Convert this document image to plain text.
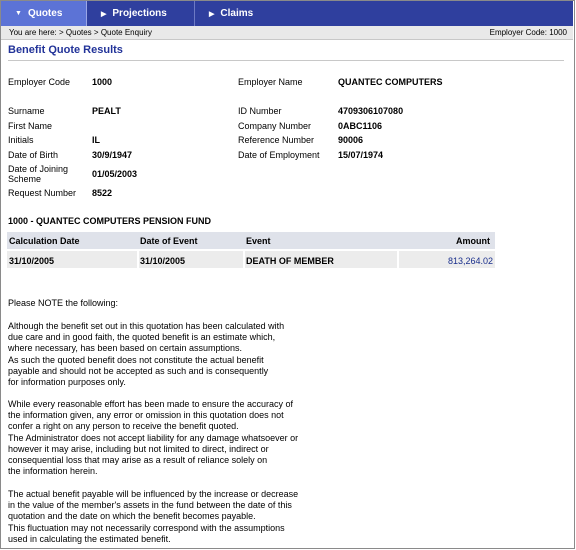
▼ Quotes	▶ Projections	▶ Claims
You are here: > Quotes > Quote Enquiry	Employer Code: 1000
Benefit Quote Results
Employer Code 1000
Surname	PEALT
First Name
Initials	IL
Date of Birth	30/9/1947
Date of Joining
Scheme	01/05/2003
Request Number 8522
Employer Name	QUANTEC COMPUTERS
ID Number	4709306107080
Company Number	0ABC1106
Reference Number	90006
Date of Employment 15/07/1974
1000 - QUANTEC COMPUTERS PENSION FUND
Calculation Date	Date of Event	Event	Amount
31/10/2005	31/10/2005	DEATH OF MEMBER	813,264.02
Please NOTE the following:
Although the benefit set out in this quotation has been calculated with
due care and in good faith, the quoted benefit is an estimate which,
where necessary, has been based on certain assumptions.
As such the quoted benefit does not constitute the actual benefit
payable and should not be accepted as such and is consequently
for information purposes only.
While every reasonable effort has been made to ensure the accuracy of
the information given, any error or omission in this quotation does not
confer a right on any person to receive the benefit quoted.
The Administrator does not accept liability for any damage whatsoever or
however it may arise, including but not limited to direct, indirect or
consequential loss that may arise as a result of reliance solely on
the information herein.
The actual benefit payable will be influenced by the increase or decrease
in the value of the member's assets in the fund between the date of this
quotation and the date on which the benefit becomes payable.
This fluctuation may not necessarily correspond with the assumptions
used in calculating the estimated benefit.
